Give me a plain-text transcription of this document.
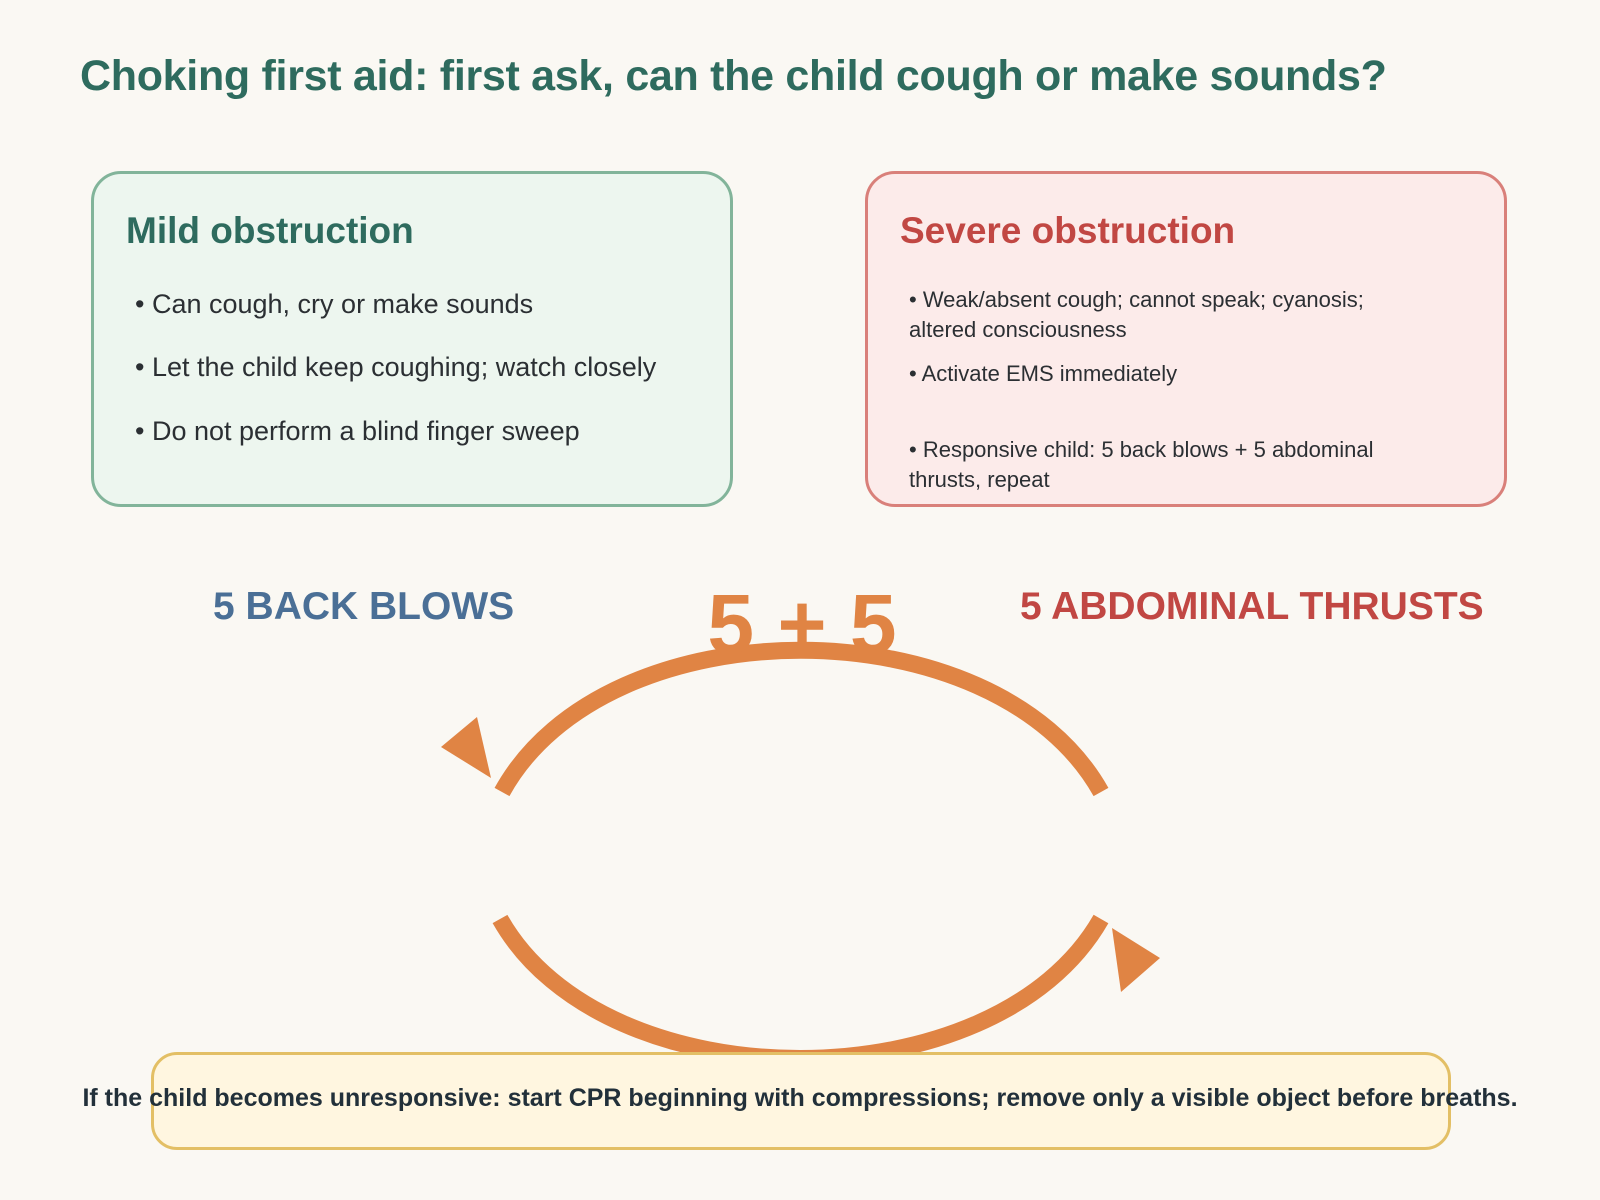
Choking first aid: first ask, can the child cough or make sounds?
Mild obstruction
• Can cough, cry or make sounds
• Let the child keep coughing; watch closely
• Do not perform a blind finger sweep
Severe obstruction
• Weak/absent cough; cannot speak; cyanosis; altered consciousness
• Activate EMS immediately
• Responsive child: 5 back blows + 5 abdominal thrusts, repeat
5 BACK BLOWS	5 ABDOMINAL THRUSTS
5 + 5
If the child becomes unresponsive: start CPR beginning with compressions; remove only a visible object before breaths.
